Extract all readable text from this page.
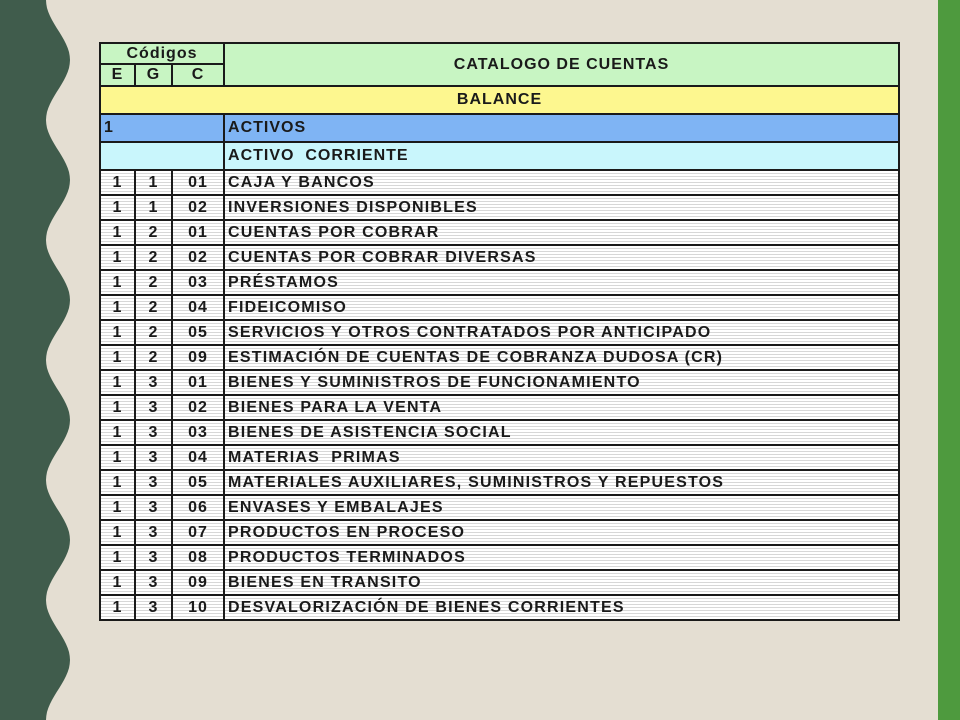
Códigos			CATALOGO DE CUENTAS
E	G	C	
BALANCE			
1			ACTIVOS
			ACTIVO  CORRIENTE
1	1	01	CAJA Y BANCOS
1	1	02	INVERSIONES DISPONIBLES
1	2	01	CUENTAS POR COBRAR
1	2	02	CUENTAS POR COBRAR DIVERSAS
1	2	03	PRÉSTAMOS
1	2	04	FIDEICOMISO
1	2	05	SERVICIOS Y OTROS CONTRATADOS POR ANTICIPADO
1	2	09	ESTIMACIÓN DE CUENTAS DE COBRANZA DUDOSA (CR)
1	3	01	BIENES Y SUMINISTROS DE FUNCIONAMIENTO
1	3	02	BIENES PARA LA VENTA
1	3	03	BIENES DE ASISTENCIA SOCIAL
1	3	04	MATERIAS  PRIMAS
1	3	05	MATERIALES AUXILIARES, SUMINISTROS Y REPUESTOS
1	3	06	ENVASES Y EMBALAJES
1	3	07	PRODUCTOS EN PROCESO
1	3	08	PRODUCTOS TERMINADOS
1	3	09	BIENES EN TRANSITO
1	3	10	DESVALORIZACIÓN DE BIENES CORRIENTES
